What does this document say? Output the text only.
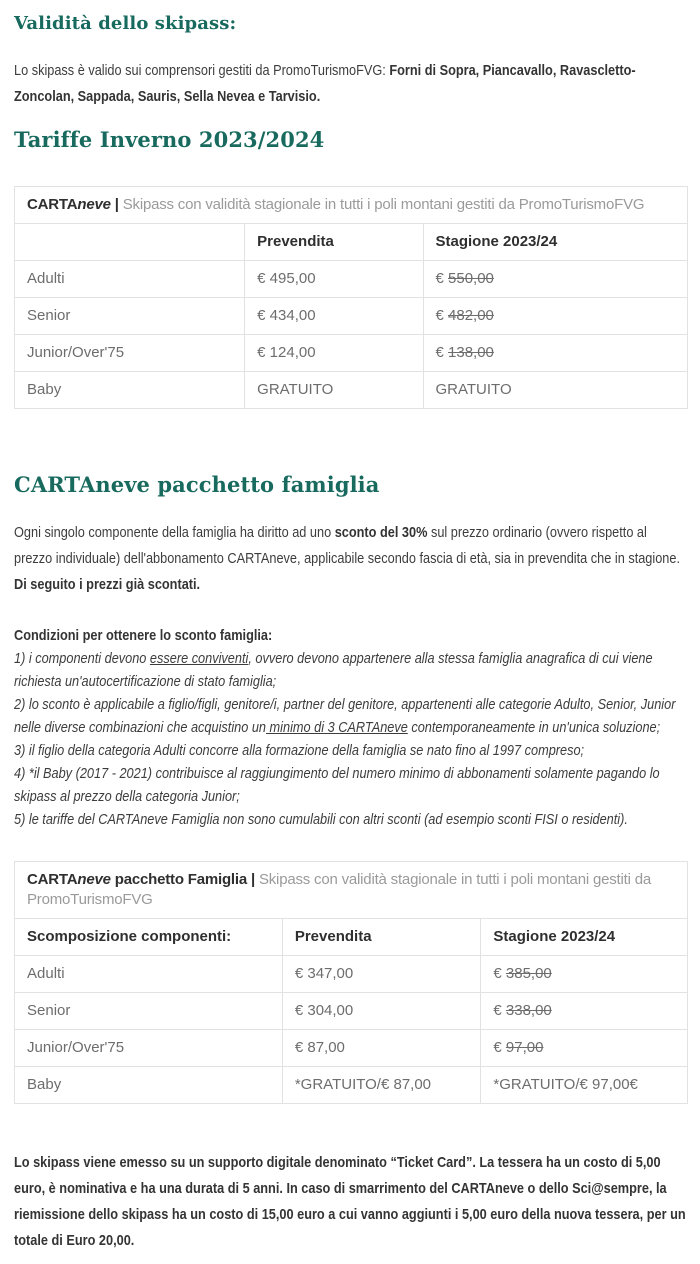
Validità dello skipass:

Lo skipass è valido sui comprensori gestiti da PromoTurismoFVG: Forni di Sopra, Piancavallo, Ravascletto-Zoncolan, Sappada, Sauris, Sella Nevea e Tarvisio.

Tariffe Inverno 2023/2024
CARTAneve | Skipass con validità stagionale in tutti i poli montani gestiti da PromoTurismoFVG		
	Prevendita	Stagione 2023/24
Adulti	€ 495,00	€ 550,00
Senior	€ 434,00	€ 482,00
Junior/Over'75	€ 124,00	€ 138,00
Baby	GRATUITO	GRATUITO
CARTAneve pacchetto famiglia

Ogni singolo componente della famiglia ha diritto ad uno sconto del 30% sul prezzo ordinario (ovvero rispetto al prezzo individuale) dell'abbonamento CARTAneve, applicabile secondo fascia di età, sia in prevendita che in stagione.
Di seguito i prezzi già scontati.

Condizioni per ottenere lo sconto famiglia:
1) i componenti devono essere conviventi, ovvero devono appartenere alla stessa famiglia anagrafica di cui viene richiesta un'autocertificazione di stato famiglia;
2) lo sconto è applicabile a figlio/figli, genitore/i, partner del genitore, appartenenti alle categorie Adulto, Senior, Junior nelle diverse combinazioni che acquistino un minimo di 3 CARTAneve contemporaneamente in un'unica soluzione;
3) il figlio della categoria Adulti concorre alla formazione della famiglia se nato fino al 1997 compreso;
4) *il Baby (2017 - 2021) contribuisce al raggiungimento del numero minimo di abbonamenti solamente pagando lo skipass al prezzo della categoria Junior;
5) le tariffe del CARTAneve Famiglia non sono cumulabili con altri sconti (ad esempio sconti FISI o residenti).
CARTAneve pacchetto Famiglia | Skipass con validità stagionale in tutti i poli montani gestiti da PromoTurismoFVG		
Scomposizione componenti:	Prevendita	Stagione 2023/24
Adulti	€ 347,00	€ 385,00
Senior	€ 304,00	€ 338,00
Junior/Over'75	€ 87,00	€ 97,00
Baby	*GRATUITO/€ 87,00	*GRATUITO/€ 97,00€

Lo skipass viene emesso su un supporto digitale denominato “Ticket Card”. La tessera ha un costo di 5,00 euro, è nominativa e ha una durata di 5 anni. In caso di smarrimento del CARTAneve o dello Sci@sempre, la riemissione dello skipass ha un costo di 15,00 euro a cui vanno aggiunti i 5,00 euro della nuova tessera, per un totale di Euro 20,00.
